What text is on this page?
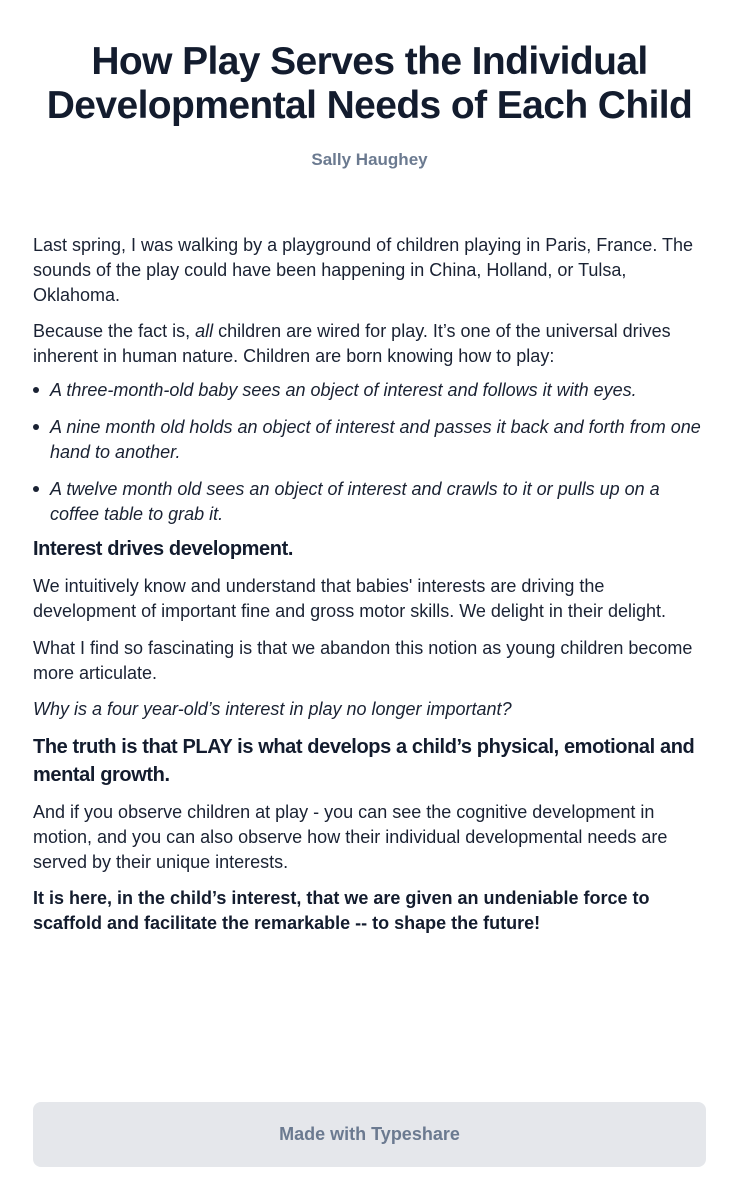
How Play Serves the Individual Developmental Needs of Each Child
Sally Haughey

Last spring, I was walking by a playground of children playing in Paris, France. The sounds of the play could have been happening in China, Holland, or Tulsa, Oklahoma.

Because the fact is, all children are wired for play. It’s one of the universal drives inherent in human nature. Children are born knowing how to play:

A three-month-old baby sees an object of interest and follows it with eyes.
A nine month old holds an object of interest and passes it back and forth from one hand to another.
A twelve month old sees an object of interest and crawls to it or pulls up on a coffee table to grab it.
Interest drives development.

We intuitively know and understand that babies' interests are driving the development of important fine and gross motor skills. We delight in their delight.

What I find so fascinating is that we abandon this notion as young children become more articulate.

Why is a four year-old’s interest in play no longer important?

The truth is that PLAY is what develops a child’s physical, emotional and mental growth.

And if you observe children at play - you can see the cognitive development in motion, and you can also observe how their individual developmental needs are served by their unique interests.

It is here, in the child’s interest, that we are given an undeniable force to scaffold and facilitate the remarkable -- to shape the future!

Made with Typeshare
